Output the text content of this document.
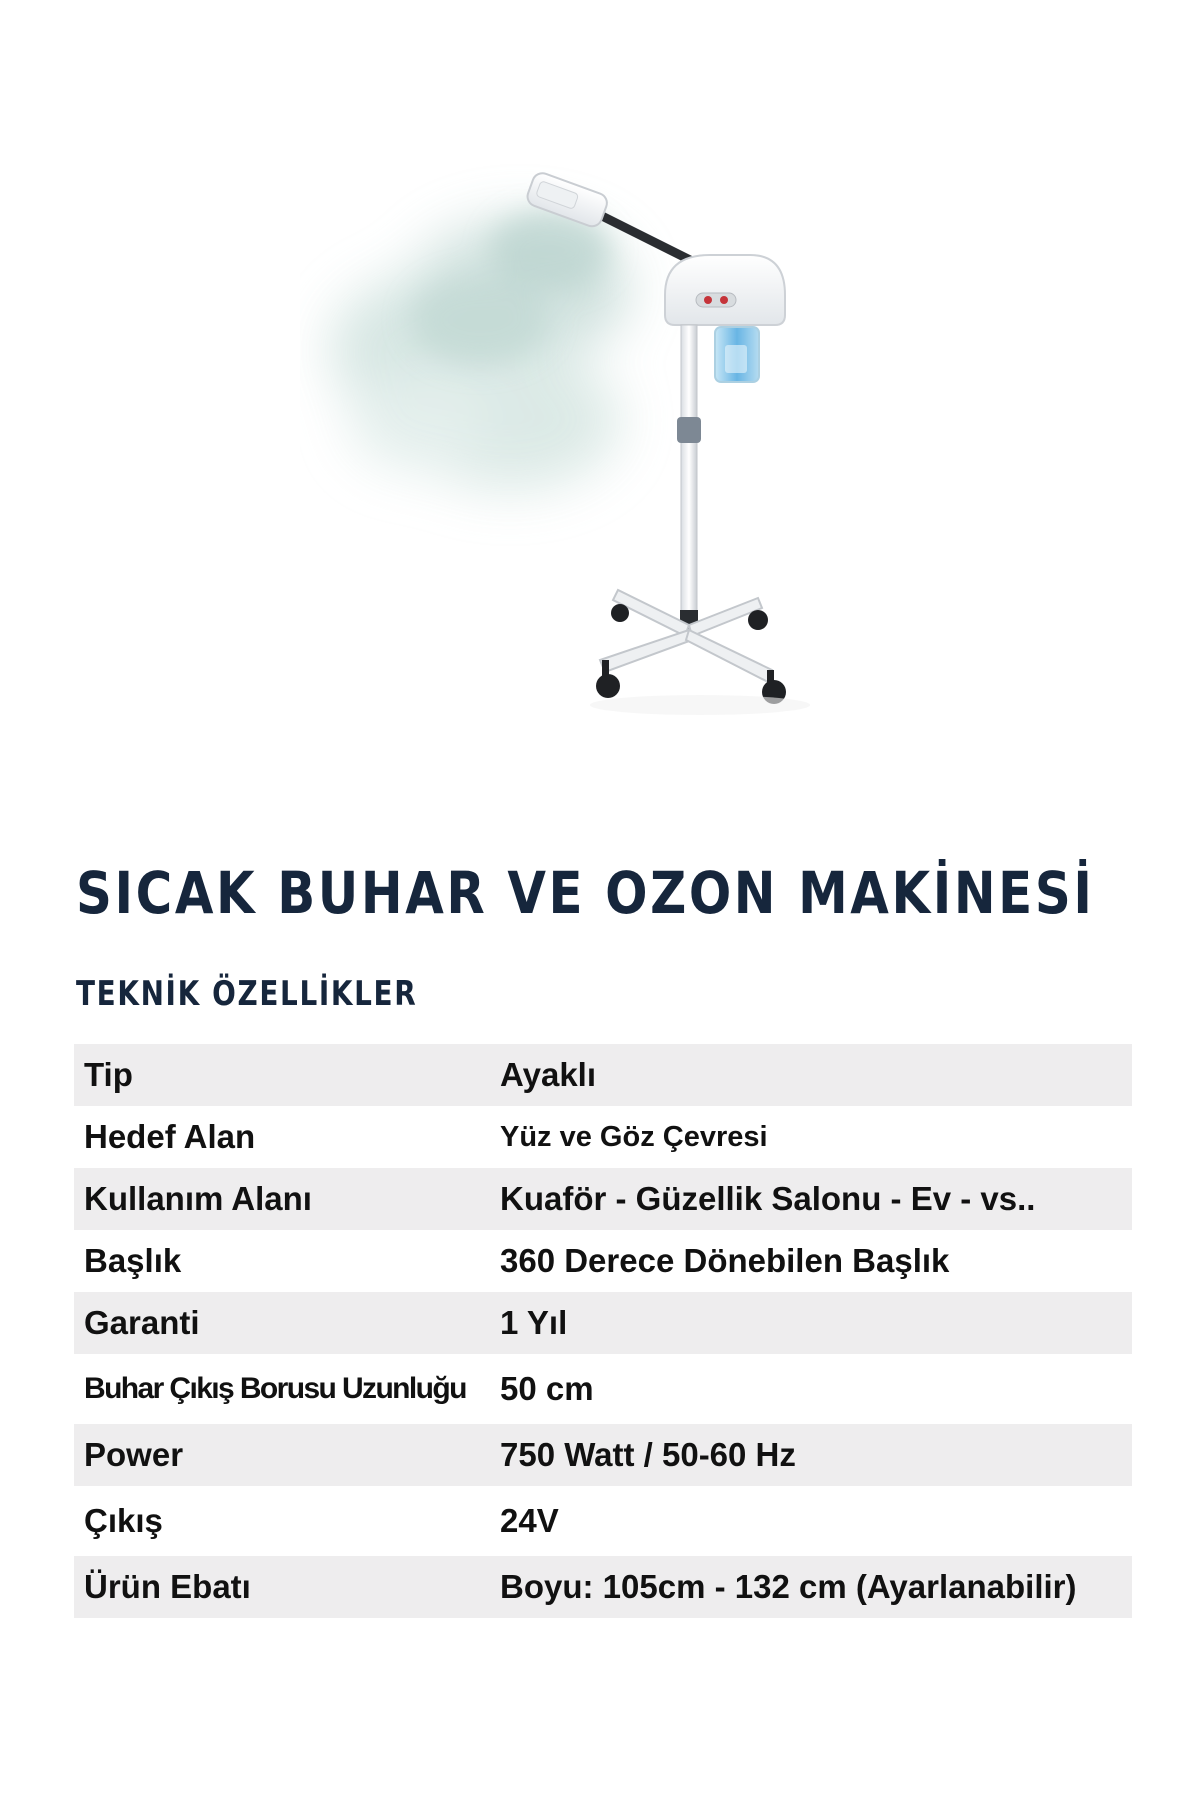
SICAK BUHAR VE OZON MAKİNESİ
TEKNİK ÖZELLİKLER
Tip	Ayaklı
Hedef Alan	Yüz ve Göz Çevresi
Kullanım Alanı	Kuaför - Güzellik Salonu - Ev - vs..
Başlık	360 Derece Dönebilen Başlık
Garanti	1 Yıl
Buhar Çıkış Borusu Uzunluğu 50 cm
Power	750 Watt / 50-60 Hz
Çıkış	24V
Ürün Ebatı	Boyu: 105cm - 132 cm (Ayarlanabilir)
